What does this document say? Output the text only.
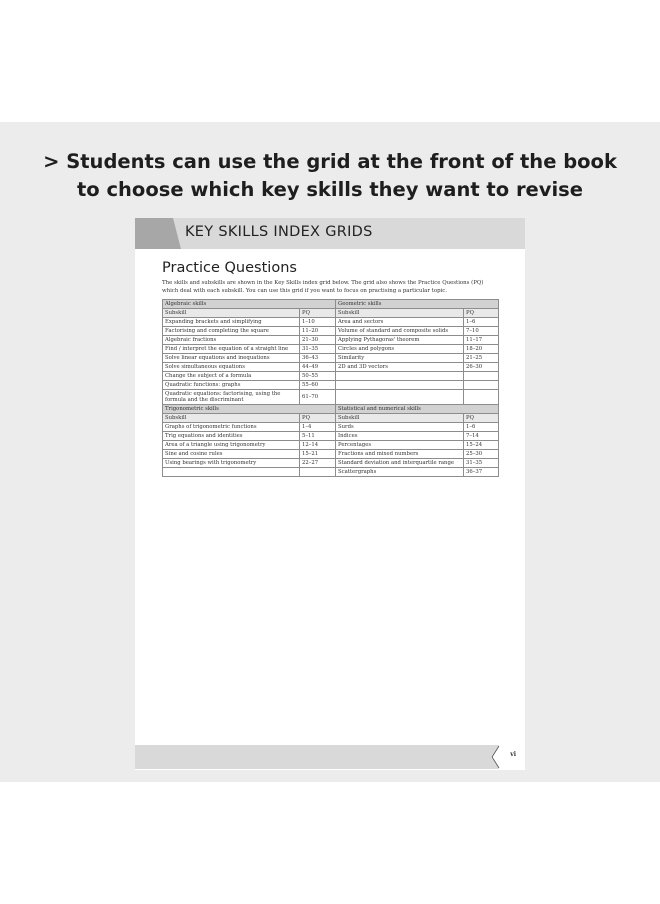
> Students can use the grid at the front of the book
to choose which key skills they want to revise
KEY SKILLS INDEX GRIDS
Practice Questions
The skills and subskills are shown in the Key Skills index grid below. The grid also shows the Practice Questions (PQ) which deal with each subskill. You can use this grid if you want to focus on practising a particular topic.
Algebraic skills		Geometric skills	
Subskill	PQ	Subskill	PQ
Expanding brackets and simplifying	1–10	Area and sectors	1–6
Factorising and completing the square	11–20	Volume of standard and composite solids	7–10
Algebraic fractions	21–30	Applying Pythagoras' theorem	11–17
Find / interpret the equation of a straight line	31–35	Circles and polygons	18–20
Solve linear equations and inequations	36–43	Similarity	21–25
Solve simultaneous equations	44–49	2D and 3D vectors	26–30
Change the subject of a formula	50–55		
Quadratic functions: graphs	55–60		
Quadratic equations: factorising, using the formula and the discriminant	61–70		
Trigonometric skills		Statistical and numerical skills	
Subskill	PQ	Subskill	PQ
Graphs of trigonometric functions	1–4	Surds	1–6
Trig equations and identities	5–11	Indices	7–14
Area of a triangle using trigonometry	12–14	Percentages	15–24
Sine and cosine rules	15–21	Fractions and mixed numbers	25–30
Using bearings with trigonometry	22–27	Standard deviation and interquartile range	31–35
		Scattergraphs	36–37
vi
